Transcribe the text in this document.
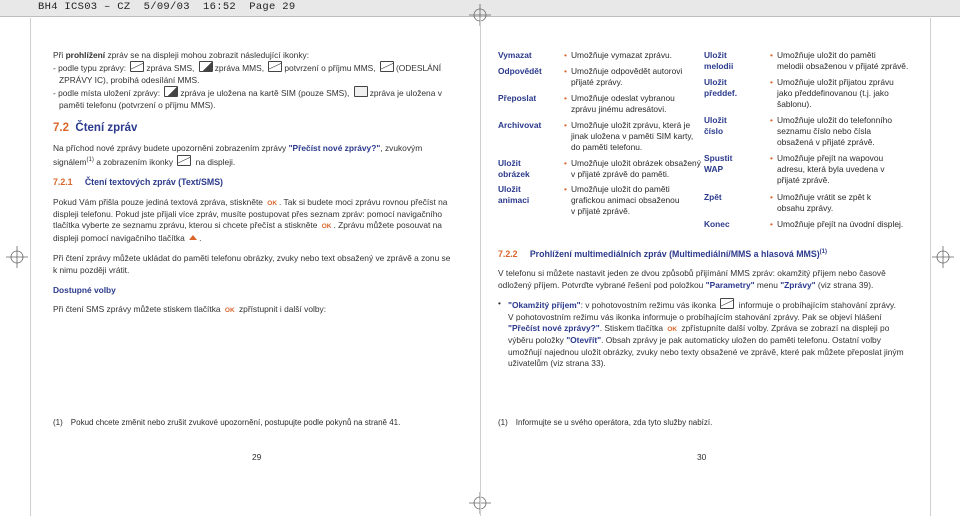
BH4 ICS03 – CZ  5/09/03  16:52  Page 29
Při prohlížení zpráv se na displeji mohou zobrazit následující ikonky:
- podle typu zprávy: zpráva SMS, zpráva MMS, potvrzení o příjmu MMS, (ODESLÁNÍ
ZPRÁVY IC), probíhá odesílání MMS.
- podle místa uložení zprávy: zpráva je uložena na kartě SIM (pouze SMS), zpráva je uložena v
paměti telefonu (potvrzení o příjmu MMS).
7.2 Čtení zpráv
Na příchod nové zprávy budete upozorněni zobrazením zprávy "Přečíst nové zprávy?", zvukovým
signálem$^{(1)}$ a zobrazením ikonky	na displeji.
7.2.1 Čtení textových zpráv (Text/SMS)
Pokud Vám přišla pouze jediná textová zpráva, stiskněte OK . Tak si budete moci zprávu rovnou přečíst na
displeji telefonu. Pokud jste přijali více zpráv, musíte postupovat přes seznam zpráv: pomocí navigačního
tlačítka vyberte ze seznamu zprávu, kterou si chcete přečíst a stiskněte OK . Zprávu můžete posouvat na
displeji pomocí navigačního tlačítka .
Při čtení zprávy můžete ukládat do paměti telefonu obrázky, zvuky nebo text obsažený ve zprávě a zonu se
k nimu později vrátit.
Dostupné volby
Při čtení SMS zprávy můžete stiskem tlačítka OK zpřístupnit i další volby:
(1) Pokud chcete změnit nebo zrušit zvukové upozornění, postupujte podle pokynů na straně 41.
29
Vymazat	• Umožňuje vymazat zprávu.
Odpovědět	• Umožňuje odpovědět autorovi
přijaté zprávy.
Přeposlat	• Umožňuje odeslat vybranou
zprávu jinému adresátovi.
Archivovat	• Umožňuje uložit zprávu, která je
jinak uložena v paměti SIM karty,
do paměti telefonu.
Uložit obrázek
• Umožňuje uložit obrázek obsažený
v přijaté zprávě do paměti.
Uložit animaci
• Umožňuje uložit do paměti
grafickou animaci obsaženou
v přijaté zprávě.
Uložit melodii
• Umožňuje uložit do paměti
melodii obsaženou v přijaté zprávě.
Uložit předdef.
• Umožňuje uložit přijatou zprávu
jako předdefinovanou (t.j. jako
šablonu).
Uložit číslo
• Umožňuje uložit do telefonního
seznamu číslo nebo čísla
obsažená v přijaté zprávě.
Spustit WAP
• Umožňuje přejít na wapovou
adresu, která byla uvedena v
přijaté zprávě.
Zpět	• Umožňuje vrátit se zpět k
obsahu zprávy.
Konec	• Umožňuje přejít na úvodní displej.
7.2.2 Prohlížení multimediálních zpráv (Multimediální/MMS a hlasová MMS)$^{(1)}$
V telefonu si můžete nastavit jeden ze dvou způsobů přijímání MMS zpráv: okamžitý příjem nebo časově
odložený příjem. Potvrďte vybrané řešení pod položkou "Parametry" menu "Zprávy" (viz strana 39).
• "Okamžitý příjem": v pohotovostním režimu vás ikonka	informuje o probíhajícím stahování zprávy.
V pohotovostním režimu vás ikonka informuje o probíhajícím stahování zprávy. Pak se objeví hlášení
"Přečíst nové zprávy?". Stiskem tlačítka OK zpřístupníte další volby. Zpráva se zobrazí na displeji po
výběru položky "Otevřít". Obsah zprávy je pak automaticky uložen do paměti telefonu. Ostatní volby
umožňují najednou uložit obrázky, zvuky nebo texty obsažené ve zprávě, které pak můžete přeposlat jiným
uživatelům (viz strana 33).
(1) Informujte se u svého operátora, zda tyto služby nabízí.
30
